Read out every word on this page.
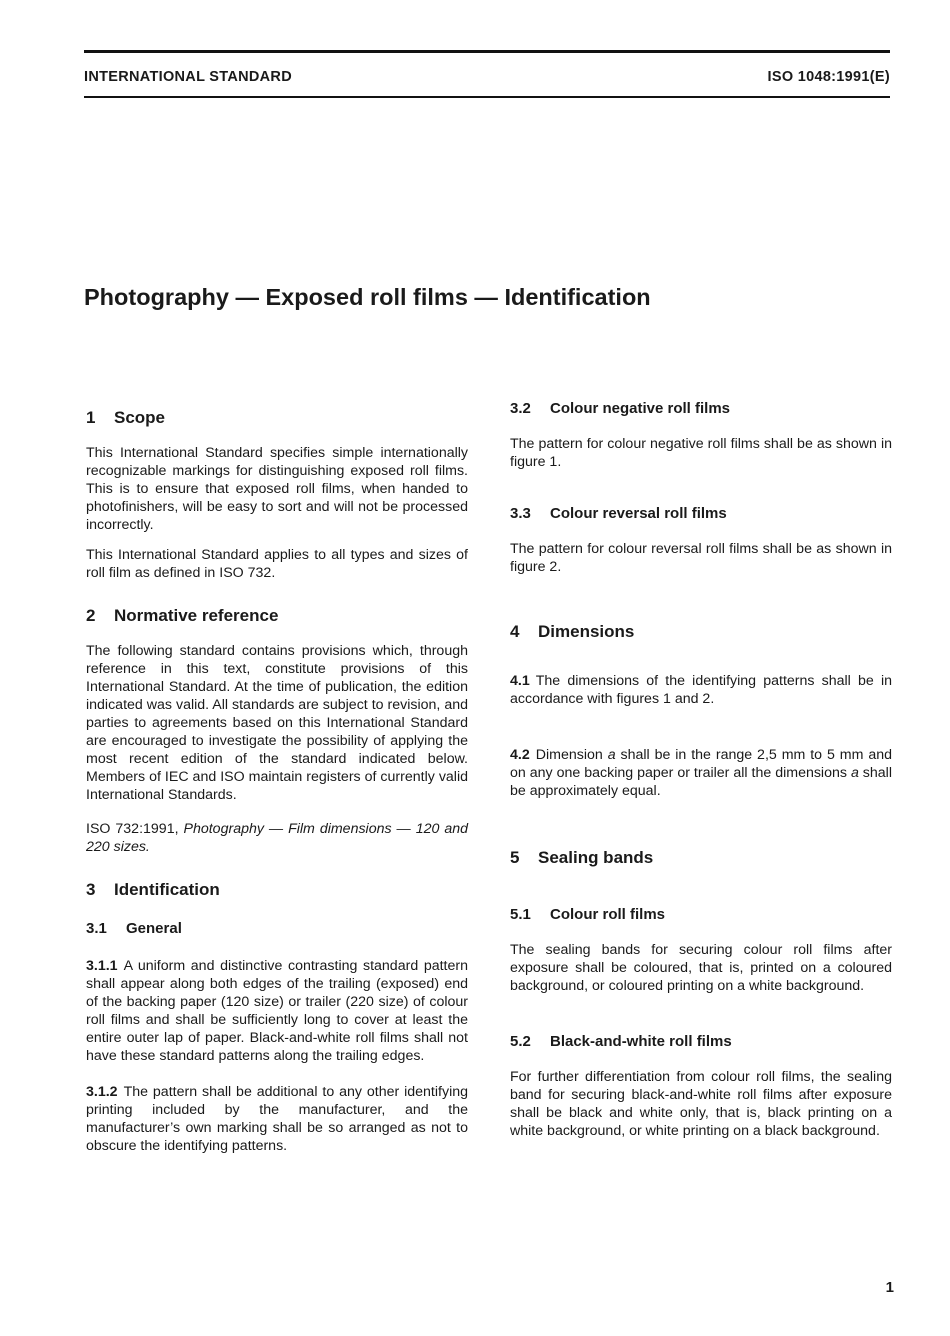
INTERNATIONAL STANDARD	ISO 1048:1991(E)
Photography — Exposed roll films — Identification
1 Scope

This International Standard specifies simple internationally recognizable markings for distinguishing exposed roll films. This is to ensure that exposed roll films, when handed to photofinishers, will be easy to sort and will not be processed incorrectly.

This International Standard applies to all types and sizes of roll film as defined in ISO 732.

2 Normative reference

The following standard contains provisions which, through reference in this text, constitute provisions of this International Standard. At the time of publication, the edition indicated was valid. All standards are subject to revision, and parties to agreements based on this International Standard are encouraged to investigate the possibility of applying the most recent edition of the standard indicated below. Members of IEC and ISO maintain registers of currently valid International Standards.

ISO 732:1991, Photography — Film dimensions — 120 and 220 sizes.

3 Identification
3.1 General

3.1.1 A uniform and distinctive contrasting standard pattern shall appear along both edges of the trailing (exposed) end of the backing paper (120 size) or trailer (220 size) of colour roll films and shall be sufficiently long to cover at least the entire outer lap of paper. Black-and-white roll films shall not have these standard patterns along the trailing edges.

3.1.2 The pattern shall be additional to any other identifying printing included by the manufacturer, and the manufacturer’s own marking shall be so arranged as not to obscure the identifying patterns.

3.2 Colour negative roll films

The pattern for colour negative roll films shall be as shown in figure 1.

3.3 Colour reversal roll films

The pattern for colour reversal roll films shall be as shown in figure 2.

4 Dimensions

4.1 The dimensions of the identifying patterns shall be in accordance with figures 1 and 2.

4.2 Dimension a shall be in the range 2,5 mm to 5 mm and on any one backing paper or trailer all the dimensions a shall be approximately equal.

5 Sealing bands
5.1 Colour roll films

The sealing bands for securing colour roll films after exposure shall be coloured, that is, printed on a coloured background, or coloured printing on a white background.

5.2 Black-and-white roll films

For further differentiation from colour roll films, the sealing band for securing black-and-white roll films after exposure shall be black and white only, that is, black printing on a white background, or white printing on a black background.

1
